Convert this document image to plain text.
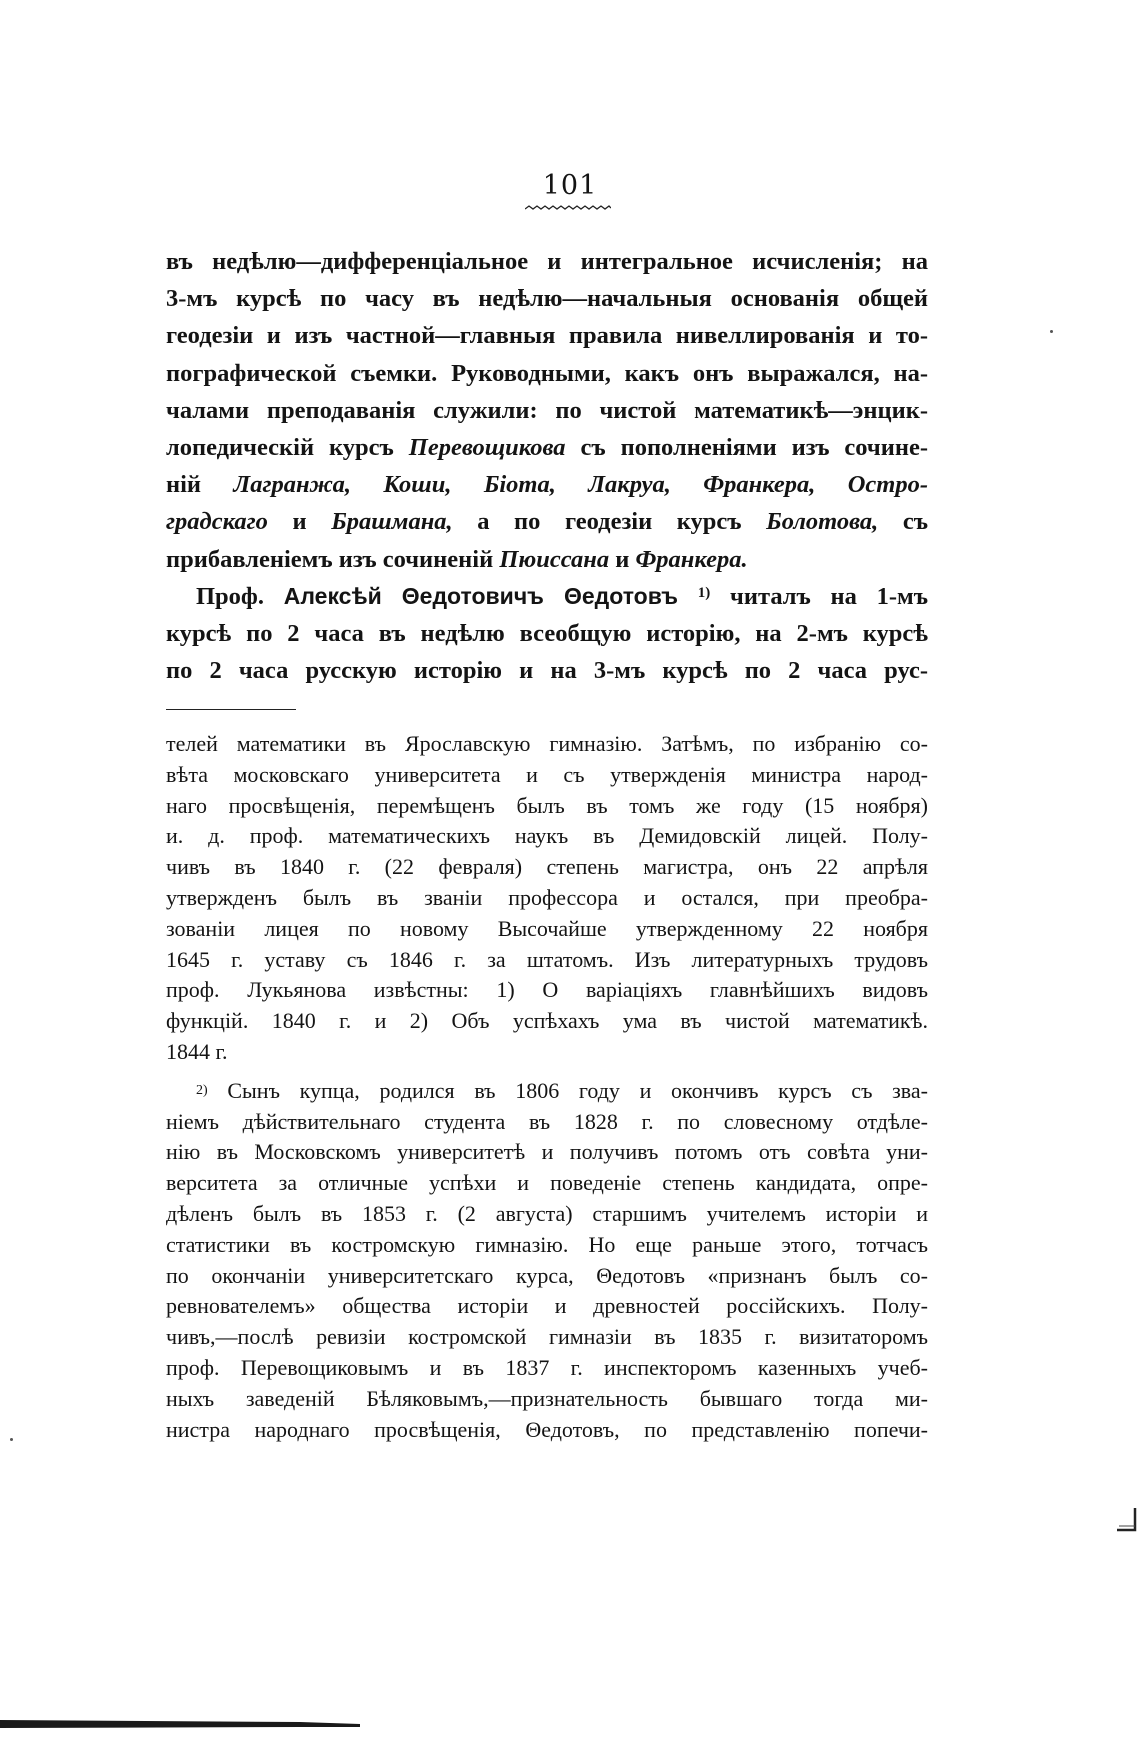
101
въ недѣлю—дифференціальное и интегральное исчисленія; на
3-мъ курсѣ по часу въ недѣлю—начальныя основанія общей
геодезіи и изъ частной—главныя правила нивеллированія и то-
пографической съемки. Руководными, какъ онъ выражался, на-
чалами преподаванія служили: по чистой математикѣ—энцик-
лопедическій курсъ Перевощикова съ пополненіями изъ сочине-
ній Лагранжа, Коши, Біота, Лакруа, Франкера, Остро-
градскаго и Брашмана, а по геодезіи курсъ Болотова, съ
прибавленіемъ изъ сочиненій Пюиссана и Франкера.
Проф. Алексѣй Θедотовичъ Θедотовъ $^{1)}$ читалъ на 1-мъ
курсѣ по 2 часа въ недѣлю всеобщую исторію, на 2-мъ курсѣ
по 2 часа русскую исторію и на 3-мъ курсѣ по 2 часа рус-
телей математики въ Ярославскую гимназію. Затѣмъ, по избранію со-
вѣта московскаго университета и съ утвержденія министра народ-
наго просвѣщенія, перемѣщенъ былъ въ томъ же году (15 ноября)
и. д. проф. математическихъ наукъ въ Демидовскій лицей. Полу-
чивъ въ 1840 г. (22 февраля) степень магистра, онъ 22 апрѣля
утвержденъ былъ въ званіи профессора и остался, при преобра-
зованіи лицея по новому Высочайше утвержденному 22 ноября
1645 г. уставу съ 1846 г. за штатомъ. Изъ литературныхъ трудовъ
проф. Лукьянова извѣстны: 1) О варіаціяхъ главнѣйшихъ видовъ
функцій. 1840 г. и 2) Объ успѣхахъ ума въ чистой математикѣ.
1844 г.
$^{2)}$ Сынъ купца, родился въ 1806 году и окончивъ курсъ съ зва-
ніемъ дѣйствительнаго студента въ 1828 г. по словесному отдѣле-
нію въ Московскомъ университетѣ и получивъ потомъ отъ совѣта уни-
верситета за отличные успѣхи и поведеніе степень кандидата, опре-
дѣленъ былъ въ 1853 г. (2 августа) старшимъ учителемъ исторіи и
статистики въ костромскую гимназію. Но еще раньше этого, тотчасъ
по окончаніи университетскаго курса, Θедотовъ «признанъ былъ со-
ревнователемъ» общества исторіи и древностей россійскихъ. Полу-
чивъ,—послѣ ревизіи костромской гимназіи въ 1835 г. визитаторомъ
проф. Перевощиковымъ и въ 1837 г. инспекторомъ казенныхъ учеб-
ныхъ заведеній Бѣляковымъ,—признательность бывшаго тогда ми-
нистра народнаго просвѣщенія, Θедотовъ, по представленію попечи-
